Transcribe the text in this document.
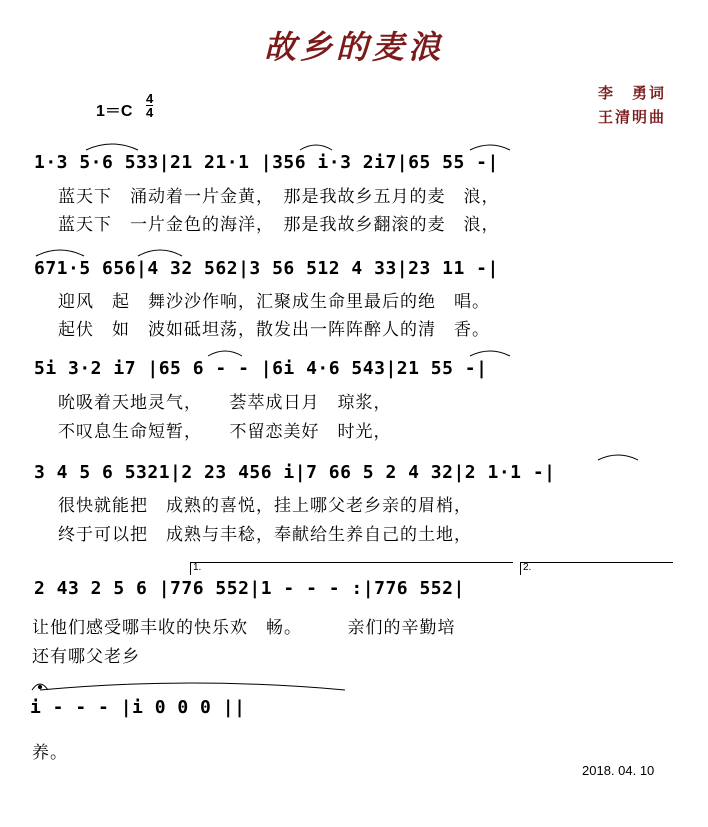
故乡的麦浪
李　勇词
王清明曲
1＝C
4
4
1·3 5·6 533|21 21·1 |356 i·3 2i7|65 55 -|
蓝天下　涌动着一片金黄，　那是我故乡五月的麦　浪，
蓝天下　一片金色的海洋，　那是我故乡翻滚的麦　浪，
671·5 656|4 32 562|3 56 512 4 33|23 11 -|
迎风　起　舞沙沙作响，汇聚成生命里最后的绝　唱。
起伏　如　波如砥坦荡，散发出一阵阵醉人的清　香。
5i 3·2 i7 |65 6 - - |6i 4·6 543|21 55 -|
吮吸着天地灵气，　　荟萃成日月　琼浆，
不叹息生命短暂，　　不留恋美好　时光，
3 4 5 6 5321|2 23 456 i|7 66 5 2 4 32|2 1·1 -|
很快就能把　成熟的喜悦，挂上哪父老乡亲的眉梢，
终于可以把　成熟与丰稔，奉献给生养自己的土地，
1.	2.
2 43 2 5 6 |776 552|1 - - - :|776 552|
让他们感受哪丰收的快乐欢　畅。　　　亲们的辛勤培
还有哪父老乡
i - - - |i 0 0 0 ||
养。
2018. 04. 10
